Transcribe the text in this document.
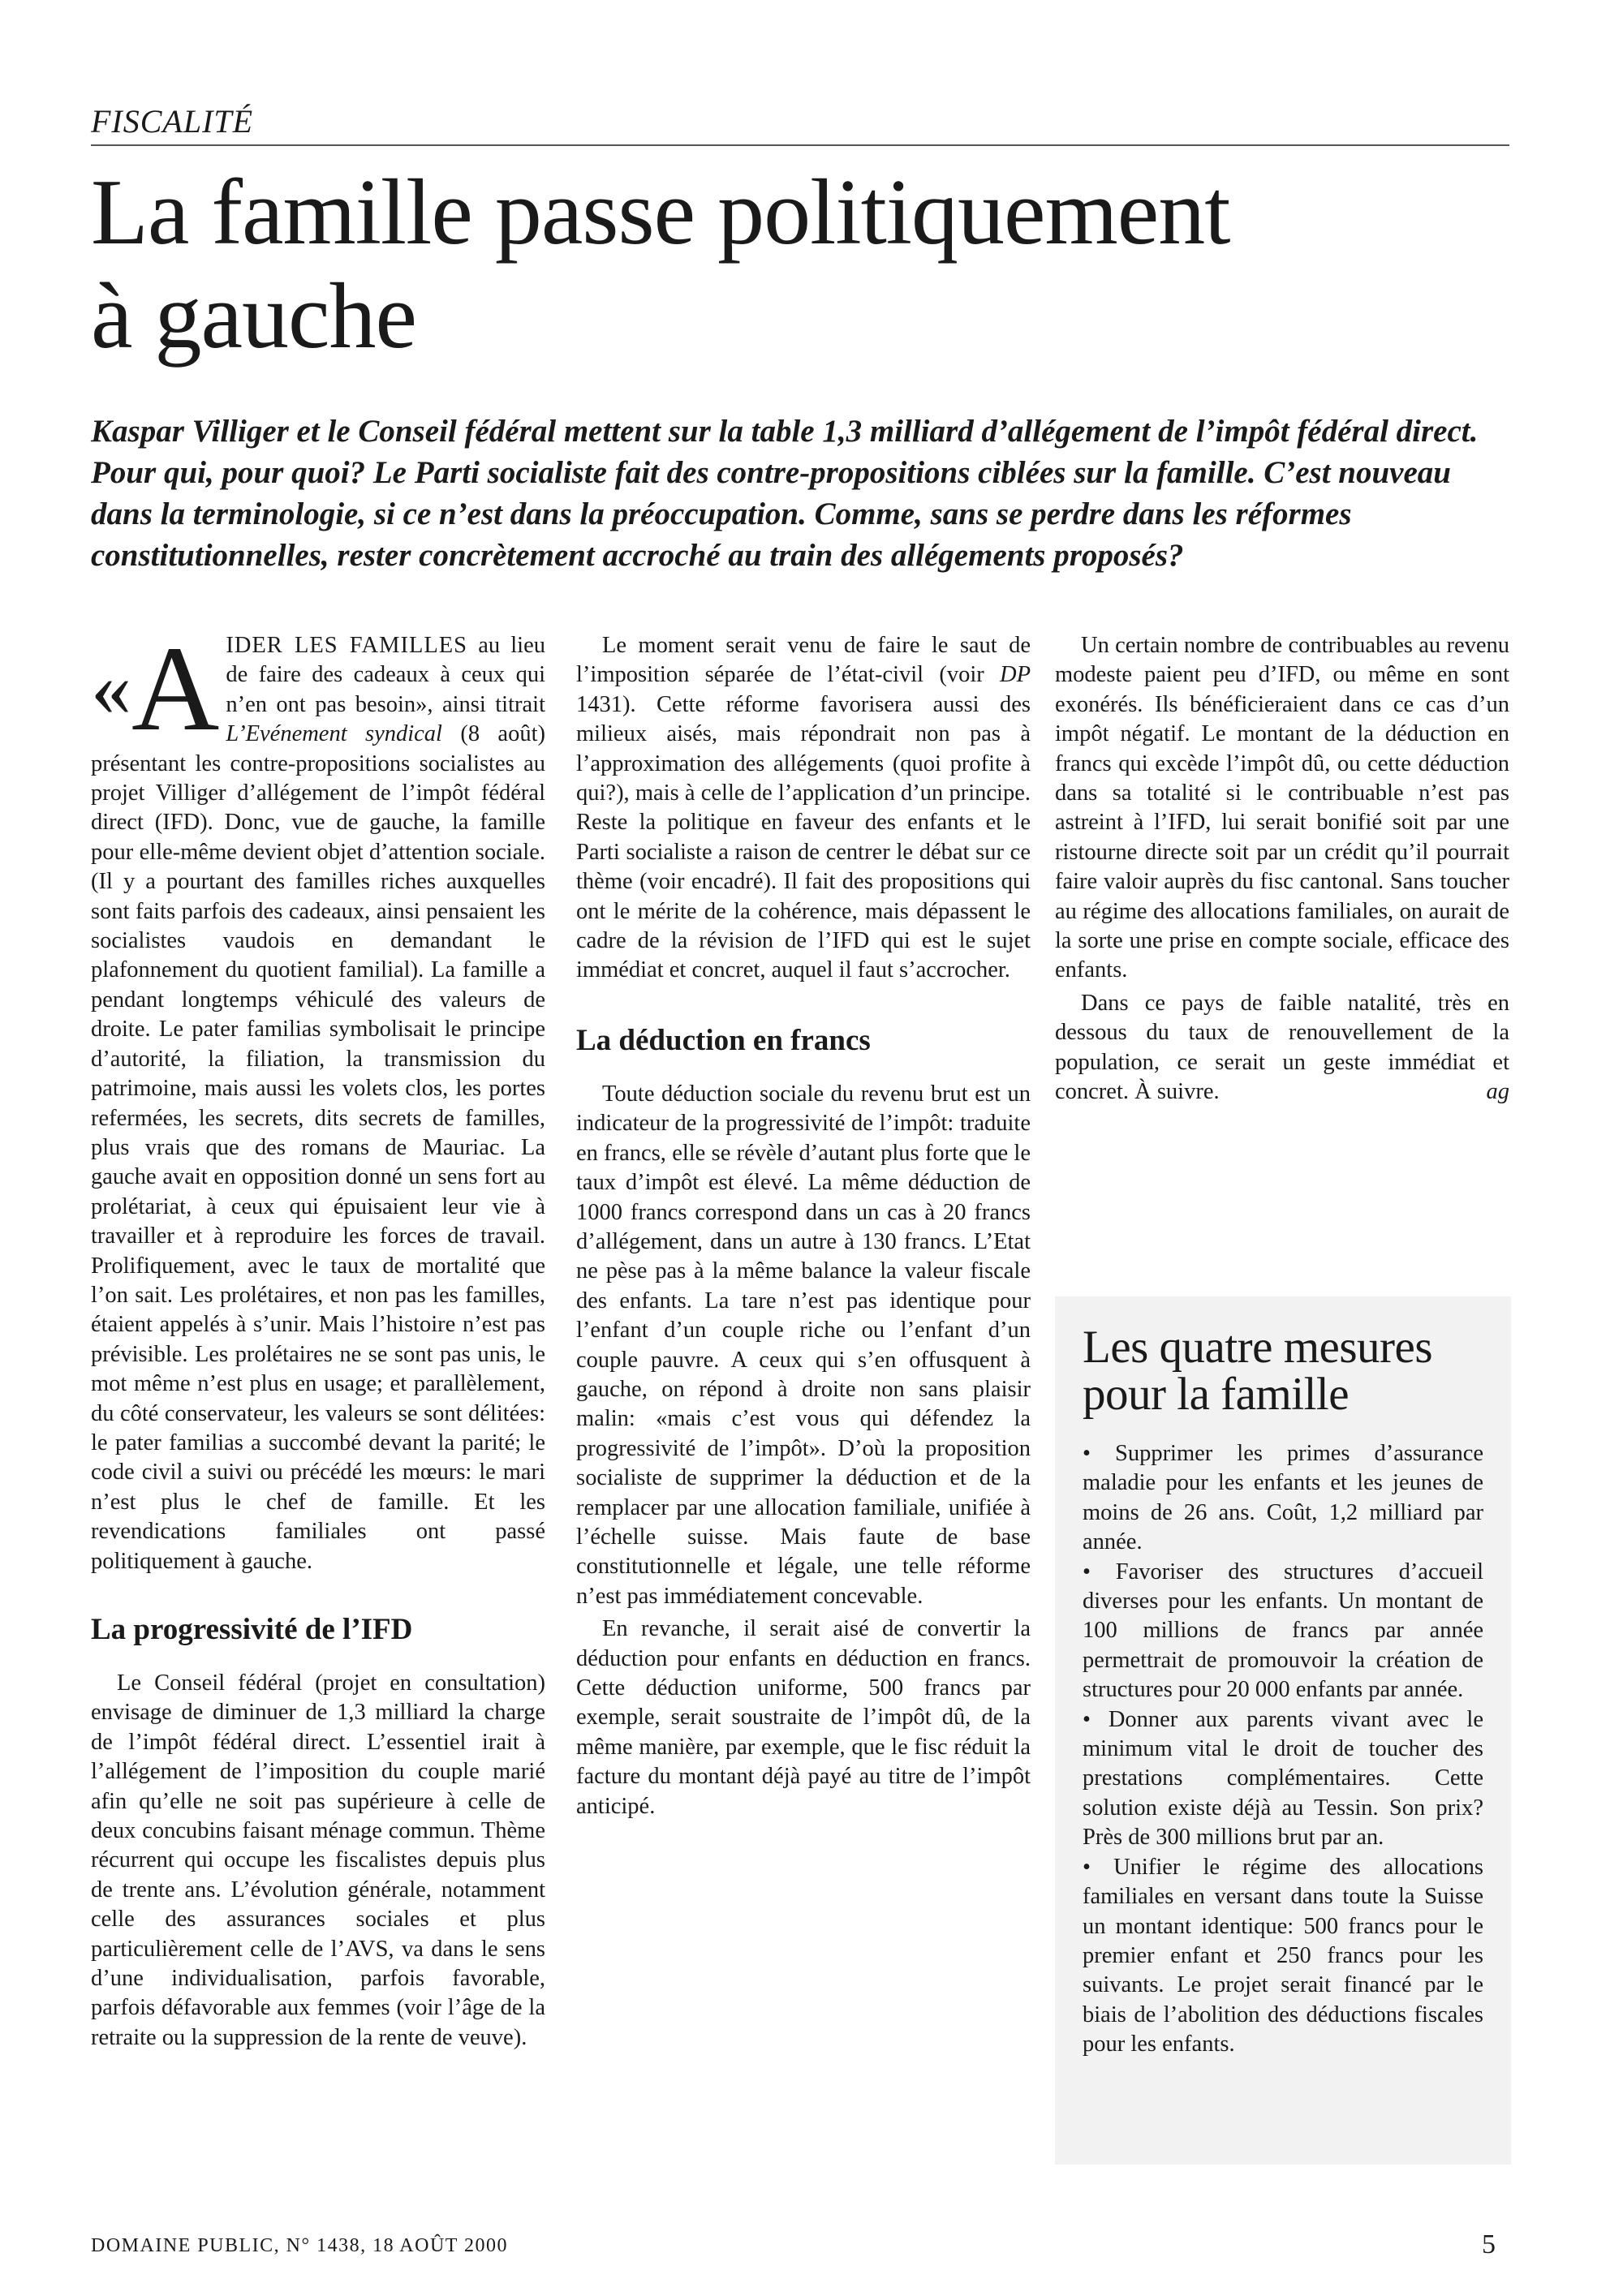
FISCALITÉ
La famille passe politiquement
à gauche

Kaspar Villiger et le Conseil fédéral mettent sur la table 1,3 milliard d’allégement de l’impôt fédéral direct. Pour qui, pour quoi? Le Parti socialiste fait des contre-propositions ciblées sur la famille. C’est nouveau dans la terminologie, si ce n’est dans la préoccupation. Comme, sans se perdre dans les réformes constitutionnelles, rester concrètement accroché au train des allégements proposés?

«A IDER LES FAMILLES au lieu de faire des cadeaux à ceux qui n’en ont pas besoin», ainsi titrait L’Evénement syndical (8 août) présentant les contre-propositions socialistes au projet Villiger d’allégement de l’impôt fédéral direct (IFD). Donc, vue de gauche, la famille pour elle-même devient objet d’attention sociale. (Il y a pourtant des familles riches auxquelles sont faits parfois des cadeaux, ainsi pensaient les socialistes vaudois en demandant le plafonnement du quotient familial). La famille a pendant longtemps véhiculé des valeurs de droite. Le pater familias symbolisait le principe d’autorité, la filiation, la transmission du patrimoine, mais aussi les volets clos, les portes refermées, les secrets, dits secrets de familles, plus vrais que des romans de Mauriac. La gauche avait en opposition donné un sens fort au prolétariat, à ceux qui épuisaient leur vie à travailler et à reproduire les forces de travail. Prolifiquement, avec le taux de mortalité que l’on sait. Les prolétaires, et non pas les familles, étaient appelés à s’unir. Mais l’histoire n’est pas prévisible. Les prolétaires ne se sont pas unis, le mot même n’est plus en usage; et parallèlement, du côté conservateur, les valeurs se sont délitées: le pater familias a succombé devant la parité; le code civil a suivi ou précédé les mœurs: le mari n’est plus le chef de famille. Et les revendications familiales ont passé politiquement à gauche.

La progressivité de l’IFD

Le Conseil fédéral (projet en consultation) envisage de diminuer de 1,3 milliard la charge de l’impôt fédéral direct. L’essentiel irait à l’allégement de l’imposition du couple marié afin qu’elle ne soit pas supérieure à celle de deux concubins faisant ménage commun. Thème récurrent qui occupe les fiscalistes depuis plus de trente ans. L’évolution générale, notamment celle des assurances sociales et plus particulièrement celle de l’AVS, va dans le sens d’une individualisation, parfois favorable, parfois défavorable aux femmes (voir l’âge de la retraite ou la suppression de la rente de veuve).

Le moment serait venu de faire le saut de l’imposition séparée de l’état-civil (voir DP 1431). Cette réforme favorisera aussi des milieux aisés, mais répondrait non pas à l’approximation des allégements (quoi profite à qui?), mais à celle de l’application d’un principe. Reste la politique en faveur des enfants et le Parti socialiste a raison de centrer le débat sur ce thème (voir encadré). Il fait des propositions qui ont le mérite de la cohérence, mais dépassent le cadre de la révision de l’IFD qui est le sujet immédiat et concret, auquel il faut s’accrocher.

La déduction en francs

Toute déduction sociale du revenu brut est un indicateur de la progressivité de l’impôt: traduite en francs, elle se révèle d’autant plus forte que le taux d’impôt est élevé. La même déduction de 1000 francs correspond dans un cas à 20 francs d’allégement, dans un autre à 130 francs. L’Etat ne pèse pas à la même balance la valeur fiscale des enfants. La tare n’est pas identique pour l’enfant d’un couple riche ou l’enfant d’un couple pauvre. A ceux qui s’en offusquent à gauche, on répond à droite non sans plaisir malin: «mais c’est vous qui défendez la progressivité de l’impôt». D’où la proposition socialiste de supprimer la déduction et de la remplacer par une allocation familiale, unifiée à l’échelle suisse. Mais faute de base constitutionnelle et légale, une telle réforme n’est pas immédiatement concevable.

En revanche, il serait aisé de convertir la déduction pour enfants en déduction en francs. Cette déduction uniforme, 500 francs par exemple, serait soustraite de l’impôt dû, de la même manière, par exemple, que le fisc réduit la facture du montant déjà payé au titre de l’impôt anticipé.

Un certain nombre de contribuables au revenu modeste paient peu d’IFD, ou même en sont exonérés. Ils bénéficieraient dans ce cas d’un impôt négatif. Le montant de la déduction en francs qui excède l’impôt dû, ou cette déduction dans sa totalité si le contribuable n’est pas astreint à l’IFD, lui serait bonifié soit par une ristourne directe soit par un crédit qu’il pourrait faire valoir auprès du fisc cantonal. Sans toucher au régime des allocations familiales, on aurait de la sorte une prise en compte sociale, efficace des enfants.

Dans ce pays de faible natalité, très en dessous du taux de renouvellement de la population, ce serait un geste immédiat et concret. À suivre.	ag

Les quatre mesures pour la famille

• Supprimer les primes d’assurance maladie pour les enfants et les jeunes de moins de 26 ans. Coût, 1,2 milliard par année.

• Favoriser des structures d’accueil diverses pour les enfants. Un montant de 100 millions de francs par année permettrait de promouvoir la création de structures pour 20 000 enfants par année.

• Donner aux parents vivant avec le minimum vital le droit de toucher des prestations complémentaires. Cette solution existe déjà au Tessin. Son prix? Près de 300 millions brut par an.

• Unifier le régime des allocations familiales en versant dans toute la Suisse un montant identique: 500 francs pour le premier enfant et 250 francs pour les suivants. Le projet serait financé par le biais de l’abolition des déductions fiscales pour les enfants.

DOMAINE PUBLIC, N° 1438, 18 AOÛT 2000	5
